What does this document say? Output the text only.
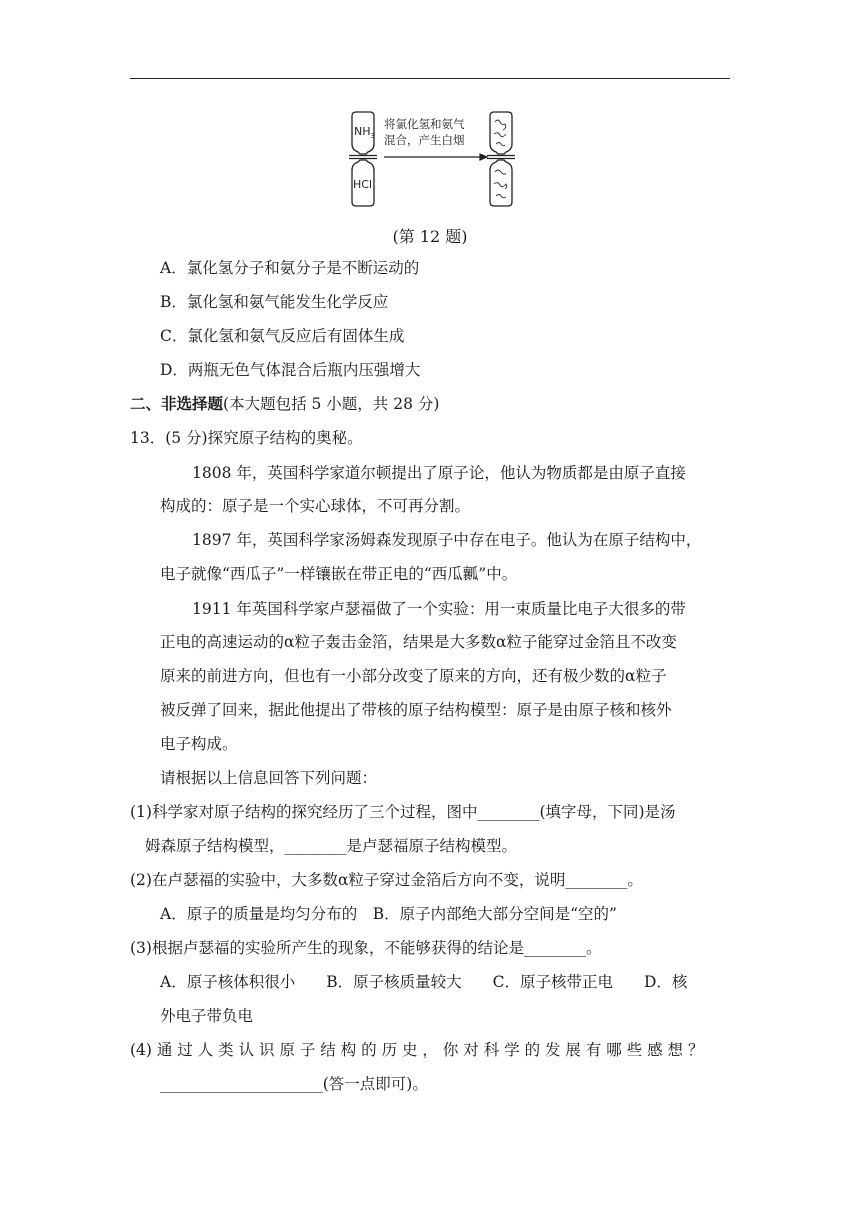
$NH_3$
HCl
将氯化氢和氨气
混合，产生白烟
(第 12 题)
A．氯化氢分子和氨分子是不断运动的
B．氯化氢和氨气能发生化学反应
C．氯化氢和氨气反应后有固体生成
D．两瓶无色气体混合后瓶内压强增大
二、非选择题(本大题包括 5 小题，共 28 分)
13．(5 分)探究原子结构的奥秘。
1808 年，英国科学家道尔顿提出了原子论，他认为物质都是由原子直接
构成的：原子是一个实心球体，不可再分割。
1897 年，英国科学家汤姆森发现原子中存在电子。他认为在原子结构中，
电子就像“西瓜子”一样镶嵌在带正电的“西瓜瓤”中。
1911 年英国科学家卢瑟福做了一个实验：用一束质量比电子大很多的带
正电的高速运动的α粒子轰击金箔，结果是大多数α粒子能穿过金箔且不改变
原来的前进方向，但也有一小部分改变了原来的方向，还有极少数的α粒子
被反弹了回来，据此他提出了带核的原子结构模型：原子是由原子核和核外
电子构成。
请根据以上信息回答下列问题：
(1)科学家对原子结构的探究经历了三个过程，图中________(填字母，下同)是汤
姆森原子结构模型，________是卢瑟福原子结构模型。
(2)在卢瑟福的实验中，大多数α粒子穿过金箔后方向不变，说明________。
A．原子的质量是均匀分布的　B．原子内部绝大部分空间是“空的”
(3)根据卢瑟福的实验所产生的现象，不能够获得的结论是________。
A．原子核体积很小　　B．原子核质量较大　　C．原子核带正电　　D．核
外电子带负电
(4) 通 过 人 类 认 识 原 子 结 构 的 历 史 ， 你 对 科 学 的 发 展 有 哪 些 感 想 ？
_____________________(答一点即可)。
